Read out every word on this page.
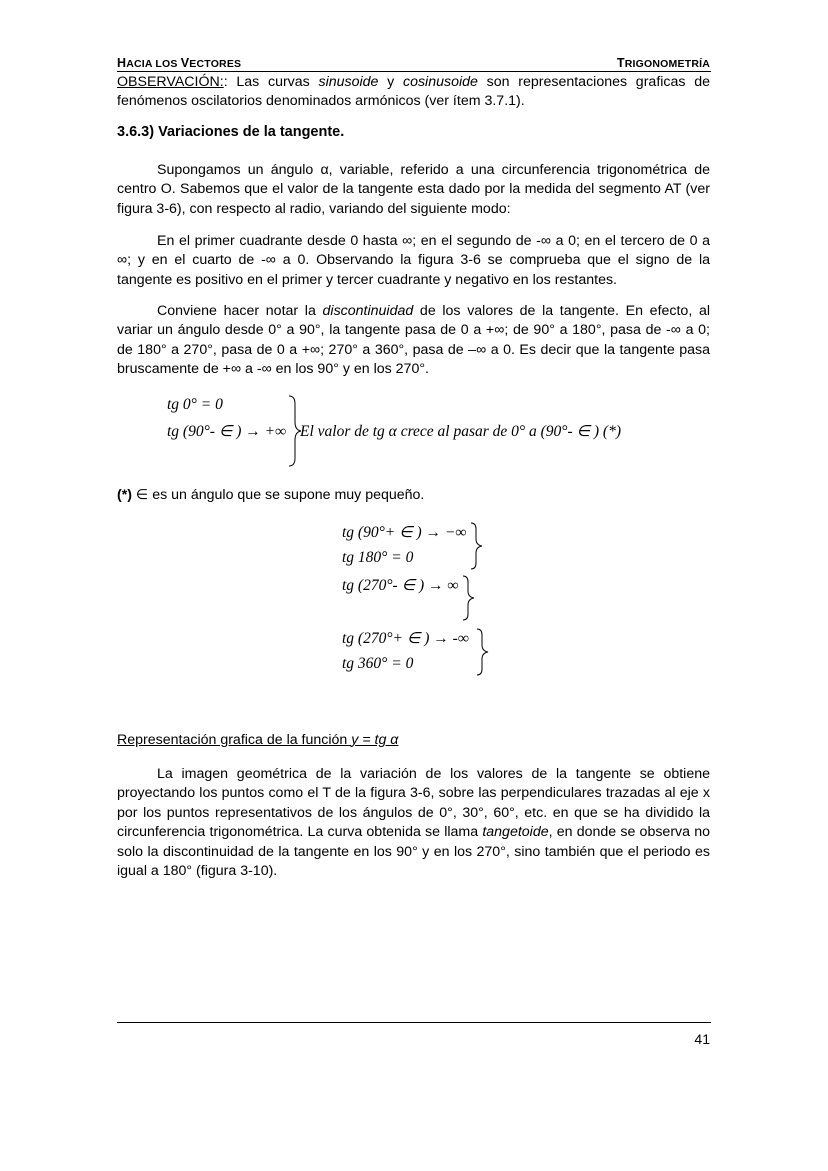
HACIA LOS VECTORES	TRIGONOMETRÍA
OBSERVACIÓN:: Las curvas sinusoide y cosinusoide son representaciones graficas de fenómenos oscilatorios denominados armónicos (ver ítem 3.7.1).
3.6.3) Variaciones de la tangente.
Supongamos un ángulo α, variable, referido a una circunferencia trigonométrica de centro O. Sabemos que el valor de la tangente esta dado por la medida del segmento AT (ver figura 3-6), con respecto al radio, variando del siguiente modo:
En el primer cuadrante desde 0 hasta ∞; en el segundo de -∞ a 0; en el tercero de 0 a ∞; y en el cuarto de -∞ a 0. Observando la figura 3-6 se comprueba que el signo de la tangente es positivo en el primer y tercer cuadrante y negativo en los restantes.
Conviene hacer notar la discontinuidad de los valores de la tangente. En efecto, al variar un ángulo desde 0° a 90°, la tangente pasa de 0 a +∞; de 90° a 180°, pasa de -∞ a 0; de 180° a 270°, pasa de 0 a +∞; 270° a 360°, pasa de –∞ a 0. Es decir que la tangente pasa bruscamente de +∞ a -∞ en los 90° y en los 270°.
tg 0° = 0
tg (90°- ∈ ) → +∞ El valor de tg α crece al pasar de 0° a (90°- ∈ ) (*)
(*) ∈ es un ángulo que se supone muy pequeño.
tg (90°+ ∈ ) → −∞
tg 180° = 0
tg (270°- ∈ ) → ∞
tg (270°+ ∈ ) → -∞
tg 360° = 0
Representación grafica de la función y = tg α
La imagen geométrica de la variación de los valores de la tangente se obtiene proyectando los puntos como el T de la figura 3-6, sobre las perpendiculares trazadas al eje x por los puntos representativos de los ángulos de 0°, 30°, 60°, etc. en que se ha dividido la circunferencia trigonométrica. La curva obtenida se llama tangetoide, en donde se observa no solo la discontinuidad de la tangente en los 90° y en los 270°, sino también que el periodo es igual a 180° (figura 3-10).
41
